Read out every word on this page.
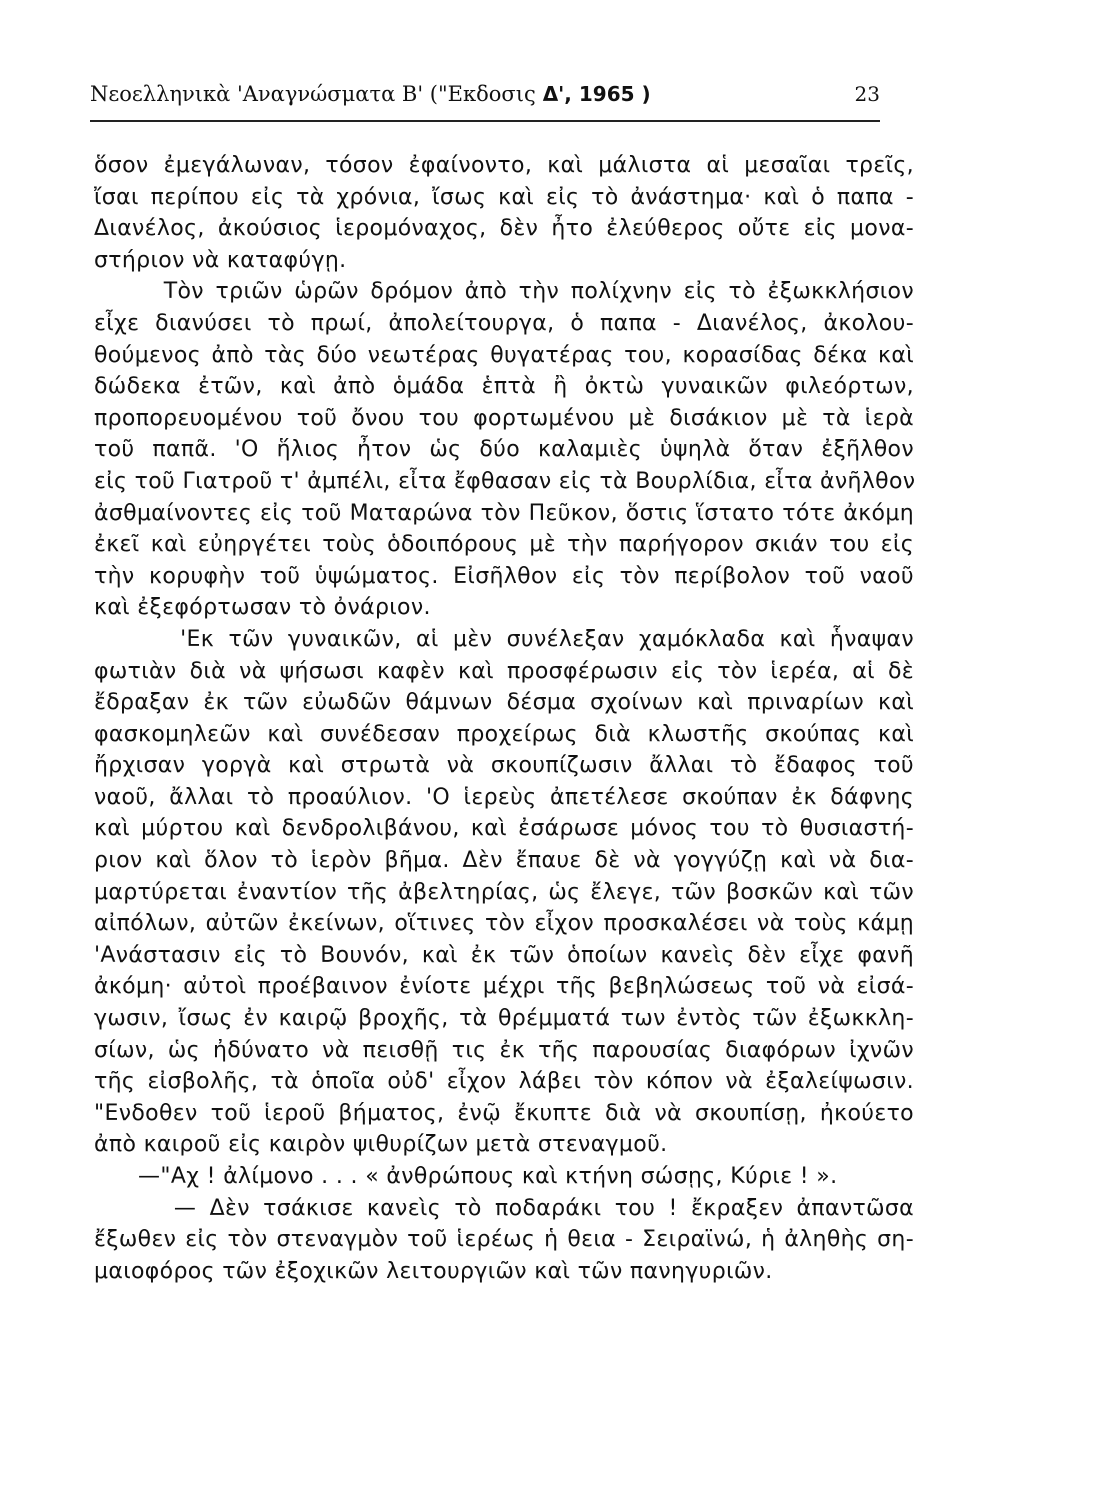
Νεοελληνικὰ 'Αναγνώσματα Β' ("Εκδοσις Δ', 1965 )	23
ὅσον ἐμεγάλωναν, τόσον ἐφαίνοντο, καὶ μάλιστα αἱ μεσαῖαι τρεῖς,
ἴσαι περίπου εἰς τὰ χρόνια, ἴσως καὶ εἰς τὸ ἀνάστημα· καὶ ὁ παπα -
Διανέλος, ἀκούσιος ἱερομόναχος, δὲν ἦτο ἐλεύθερος οὔτε εἰς μονα-
στήριον νὰ καταφύγῃ.
Τὸν τριῶν ὡρῶν δρόμον ἀπὸ τὴν πολίχνην εἰς τὸ ἐξωκκλήσιον
εἶχε διανύσει τὸ πρωί, ἀπολείτουργα, ὁ παπα - Διανέλος, ἀκολου-
θούμενος ἀπὸ τὰς δύο νεωτέρας θυγατέρας του, κορασίδας δέκα καὶ
δώδεκα ἐτῶν, καὶ ἀπὸ ὁμάδα ἑπτὰ ἢ ὀκτὼ γυναικῶν φιλεόρτων,
προπορευομένου τοῦ ὄνου του φορτωμένου μὲ δισάκιον μὲ τὰ ἱερὰ
τοῦ παπᾶ. 'Ο ἥλιος ἦτον ὡς δύο καλαμιὲς ὑψηλὰ ὅταν ἐξῆλθον
εἰς τοῦ Γιατροῦ τ' ἀμπέλι, εἶτα ἔφθασαν εἰς τὰ Βουρλίδια, εἶτα ἀνῆλθον
ἀσθμαίνοντες εἰς τοῦ Ματαρώνα τὸν Πεῦκον, ὅστις ἵστατο τότε ἀκόμη
ἐκεῖ καὶ εὐηργέτει τοὺς ὁδοιπόρους μὲ τὴν παρήγορον σκιάν του εἰς
τὴν κορυφὴν τοῦ ὑψώματος. Εἰσῆλθον εἰς τὸν περίβολον τοῦ ναοῦ
καὶ ἐξεφόρτωσαν τὸ ὀνάριον.
'Εκ τῶν γυναικῶν, αἱ μὲν συνέλεξαν χαμόκλαδα καὶ ἧναψαν
φωτιὰν διὰ νὰ ψήσωσι καφὲν καὶ προσφέρωσιν εἰς τὸν ἱερέα, αἱ δὲ
ἔδραξαν ἐκ τῶν εὐωδῶν θάμνων δέσμα σχοίνων καὶ πριναρίων καὶ
φασκομηλεῶν καὶ συνέδεσαν προχείρως διὰ κλωστῆς σκούπας καὶ
ἤρχισαν γοργὰ καὶ στρωτὰ νὰ σκουπίζωσιν ἄλλαι τὸ ἔδαφος τοῦ
ναοῦ, ἄλλαι τὸ προαύλιον. 'Ο ἱερεὺς ἀπετέλεσε σκούπαν ἐκ δάφνης
καὶ μύρτου καὶ δενδρολιβάνου, καὶ ἐσάρωσε μόνος του τὸ θυσιαστή-
ριον καὶ ὅλον τὸ ἱερὸν βῆμα. Δὲν ἔπαυε δὲ νὰ γογγύζῃ καὶ νὰ δια-
μαρτύρεται ἐναντίον τῆς ἀβελτηρίας, ὡς ἔλεγε, τῶν βοσκῶν καὶ τῶν
αἰπόλων, αὐτῶν ἐκείνων, οἵτινες τὸν εἶχον προσκαλέσει νὰ τοὺς κάμῃ
'Ανάστασιν εἰς τὸ Βουνόν, καὶ ἐκ τῶν ὁποίων κανεὶς δὲν εἶχε φανῆ
ἀκόμη· αὐτοὶ προέβαινον ἐνίοτε μέχρι τῆς βεβηλώσεως τοῦ νὰ εἰσά-
γωσιν, ἴσως ἐν καιρῷ βροχῆς, τὰ θρέμματά των ἐντὸς τῶν ἐξωκκλη-
σίων, ὡς ἠδύνατο νὰ πεισθῇ τις ἐκ τῆς παρουσίας διαφόρων ἰχνῶν
τῆς εἰσβολῆς, τὰ ὁποῖα οὐδ' εἶχον λάβει τὸν κόπον νὰ ἐξαλείψωσιν.
"Ενδοθεν τοῦ ἱεροῦ βήματος, ἐνῷ ἔκυπτε διὰ νὰ σκουπίσῃ, ἠκούετο
ἀπὸ καιροῦ εἰς καιρὸν ψιθυρίζων μετὰ στεναγμοῦ.
—"Αχ ! ἀλίμονο . . . « ἀνθρώπους καὶ κτήνη σώσῃς, Κύριε ! ».
— Δὲν τσάκισε κανεὶς τὸ ποδαράκι του ! ἔκραξεν ἀπαντῶσα
ἔξωθεν εἰς τὸν στεναγμὸν τοῦ ἱερέως ἡ θεια - Σειραϊνώ, ἡ ἀληθὴς ση-
μαιοφόρος τῶν ἐξοχικῶν λειτουργιῶν καὶ τῶν πανηγυριῶν.
